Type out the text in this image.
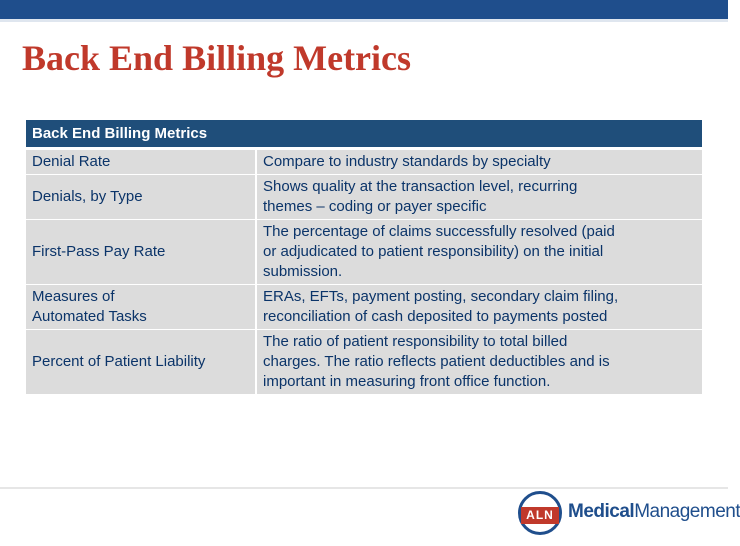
Back End Billing Metrics
Back End Billing Metrics	
Denial Rate	Compare to industry standards by specialty
Denials, by Type	Shows quality at the transaction level, recurring
themes – coding or payer specific
First-Pass Pay Rate	The percentage of claims successfully resolved (paid
or adjudicated to patient responsibility) on the initial
submission.
Measures of
Automated Tasks	ERAs, EFTs, payment posting, secondary claim filing,
reconciliation of cash deposited to payments posted
Percent of Patient Liability	The ratio of patient responsibility to total billed
charges. The ratio reflects patient deductibles and is
important in measuring front office function.
ALN MedicalManagement
